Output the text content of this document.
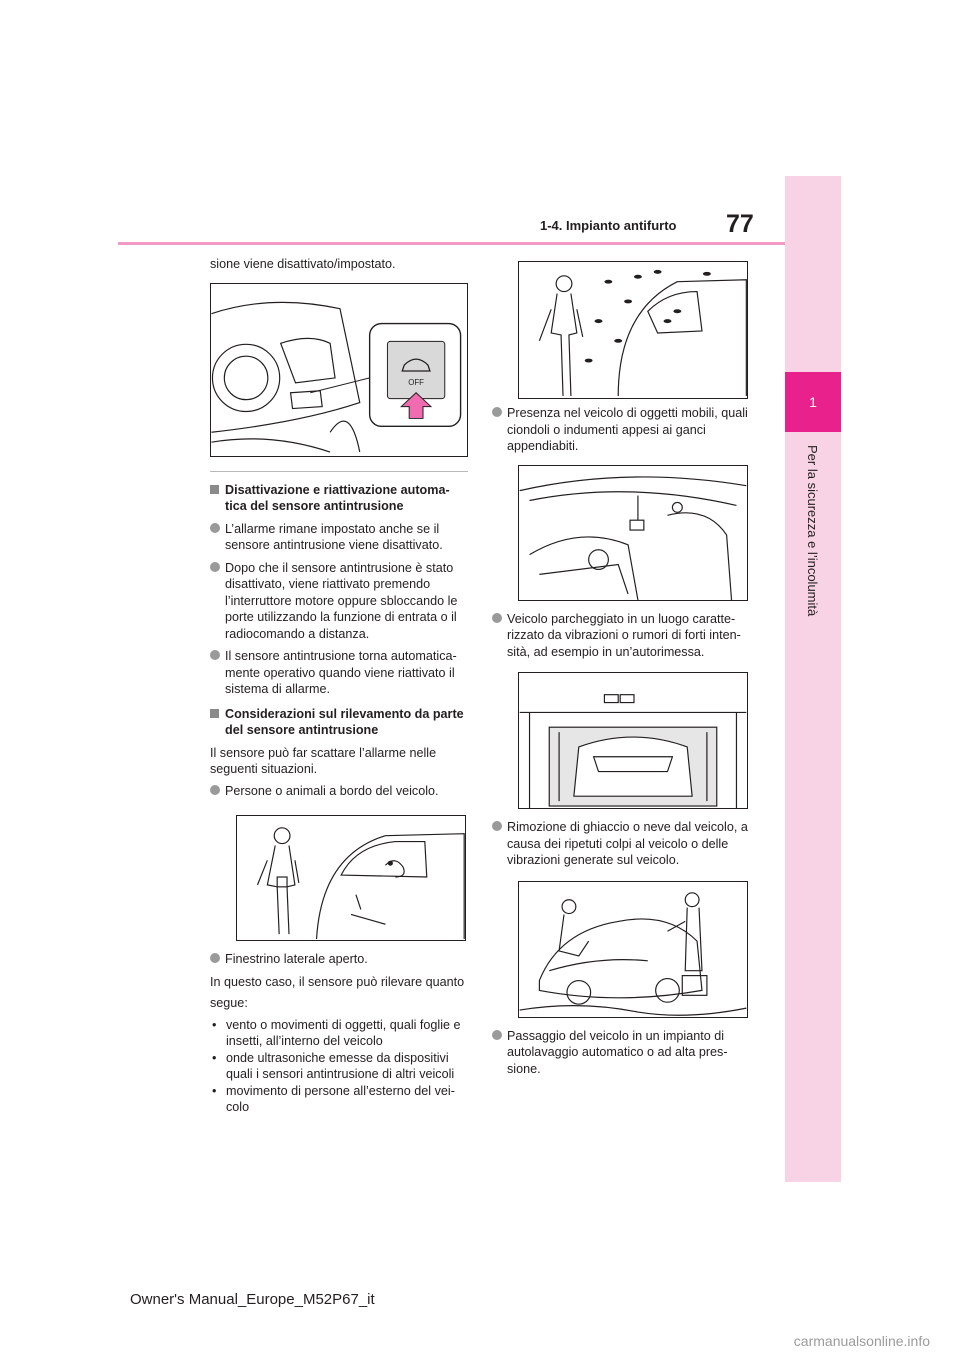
77
1-4. Impianto antifurto
1
Per la sicurezza e l’incolumità

sione viene disattivato/impostato.

OFF
Disattivazione e riattivazione automa-tica del sensore antintrusione
L’allarme rimane impostato anche se il sensore antintrusione viene disattivato.
Dopo che il sensore antintrusione è stato disattivato, viene riattivato premendo l’interruttore motore oppure sbloccando le porte utilizzando la funzione di entrata o il radiocomando a distanza.
Il sensore antintrusione torna automatica-mente operativo quando viene riattivato il sistema di allarme.
Considerazioni sul rilevamento da parte del sensore antintrusione

Il sensore può far scattare l’allarme nelle seguenti situazioni.

Persone o animali a bordo del veicolo.
Finestrino laterale aperto.

In questo caso, il sensore può rilevare quanto

segue:

• vento o movimenti di oggetti, quali foglie e insetti, all’interno del veicolo
• onde ultrasoniche emesse da dispositivi quali i sensori antintrusione di altri veicoli
• movimento di persone all’esterno del vei-colo
Presenza nel veicolo di oggetti mobili, quali ciondoli o indumenti appesi ai ganci appendiabiti.
Veicolo parcheggiato in un luogo caratte-rizzato da vibrazioni o rumori di forti inten-sità, ad esempio in un’autorimessa.
Rimozione di ghiaccio o neve dal veicolo, a causa dei ripetuti colpi al veicolo o delle vibrazioni generate sul veicolo.
Passaggio del veicolo in un impianto di autolavaggio automatico o ad alta pres-sione.
Owner's Manual_Europe_M52P67_it
carmanualsonline.info
